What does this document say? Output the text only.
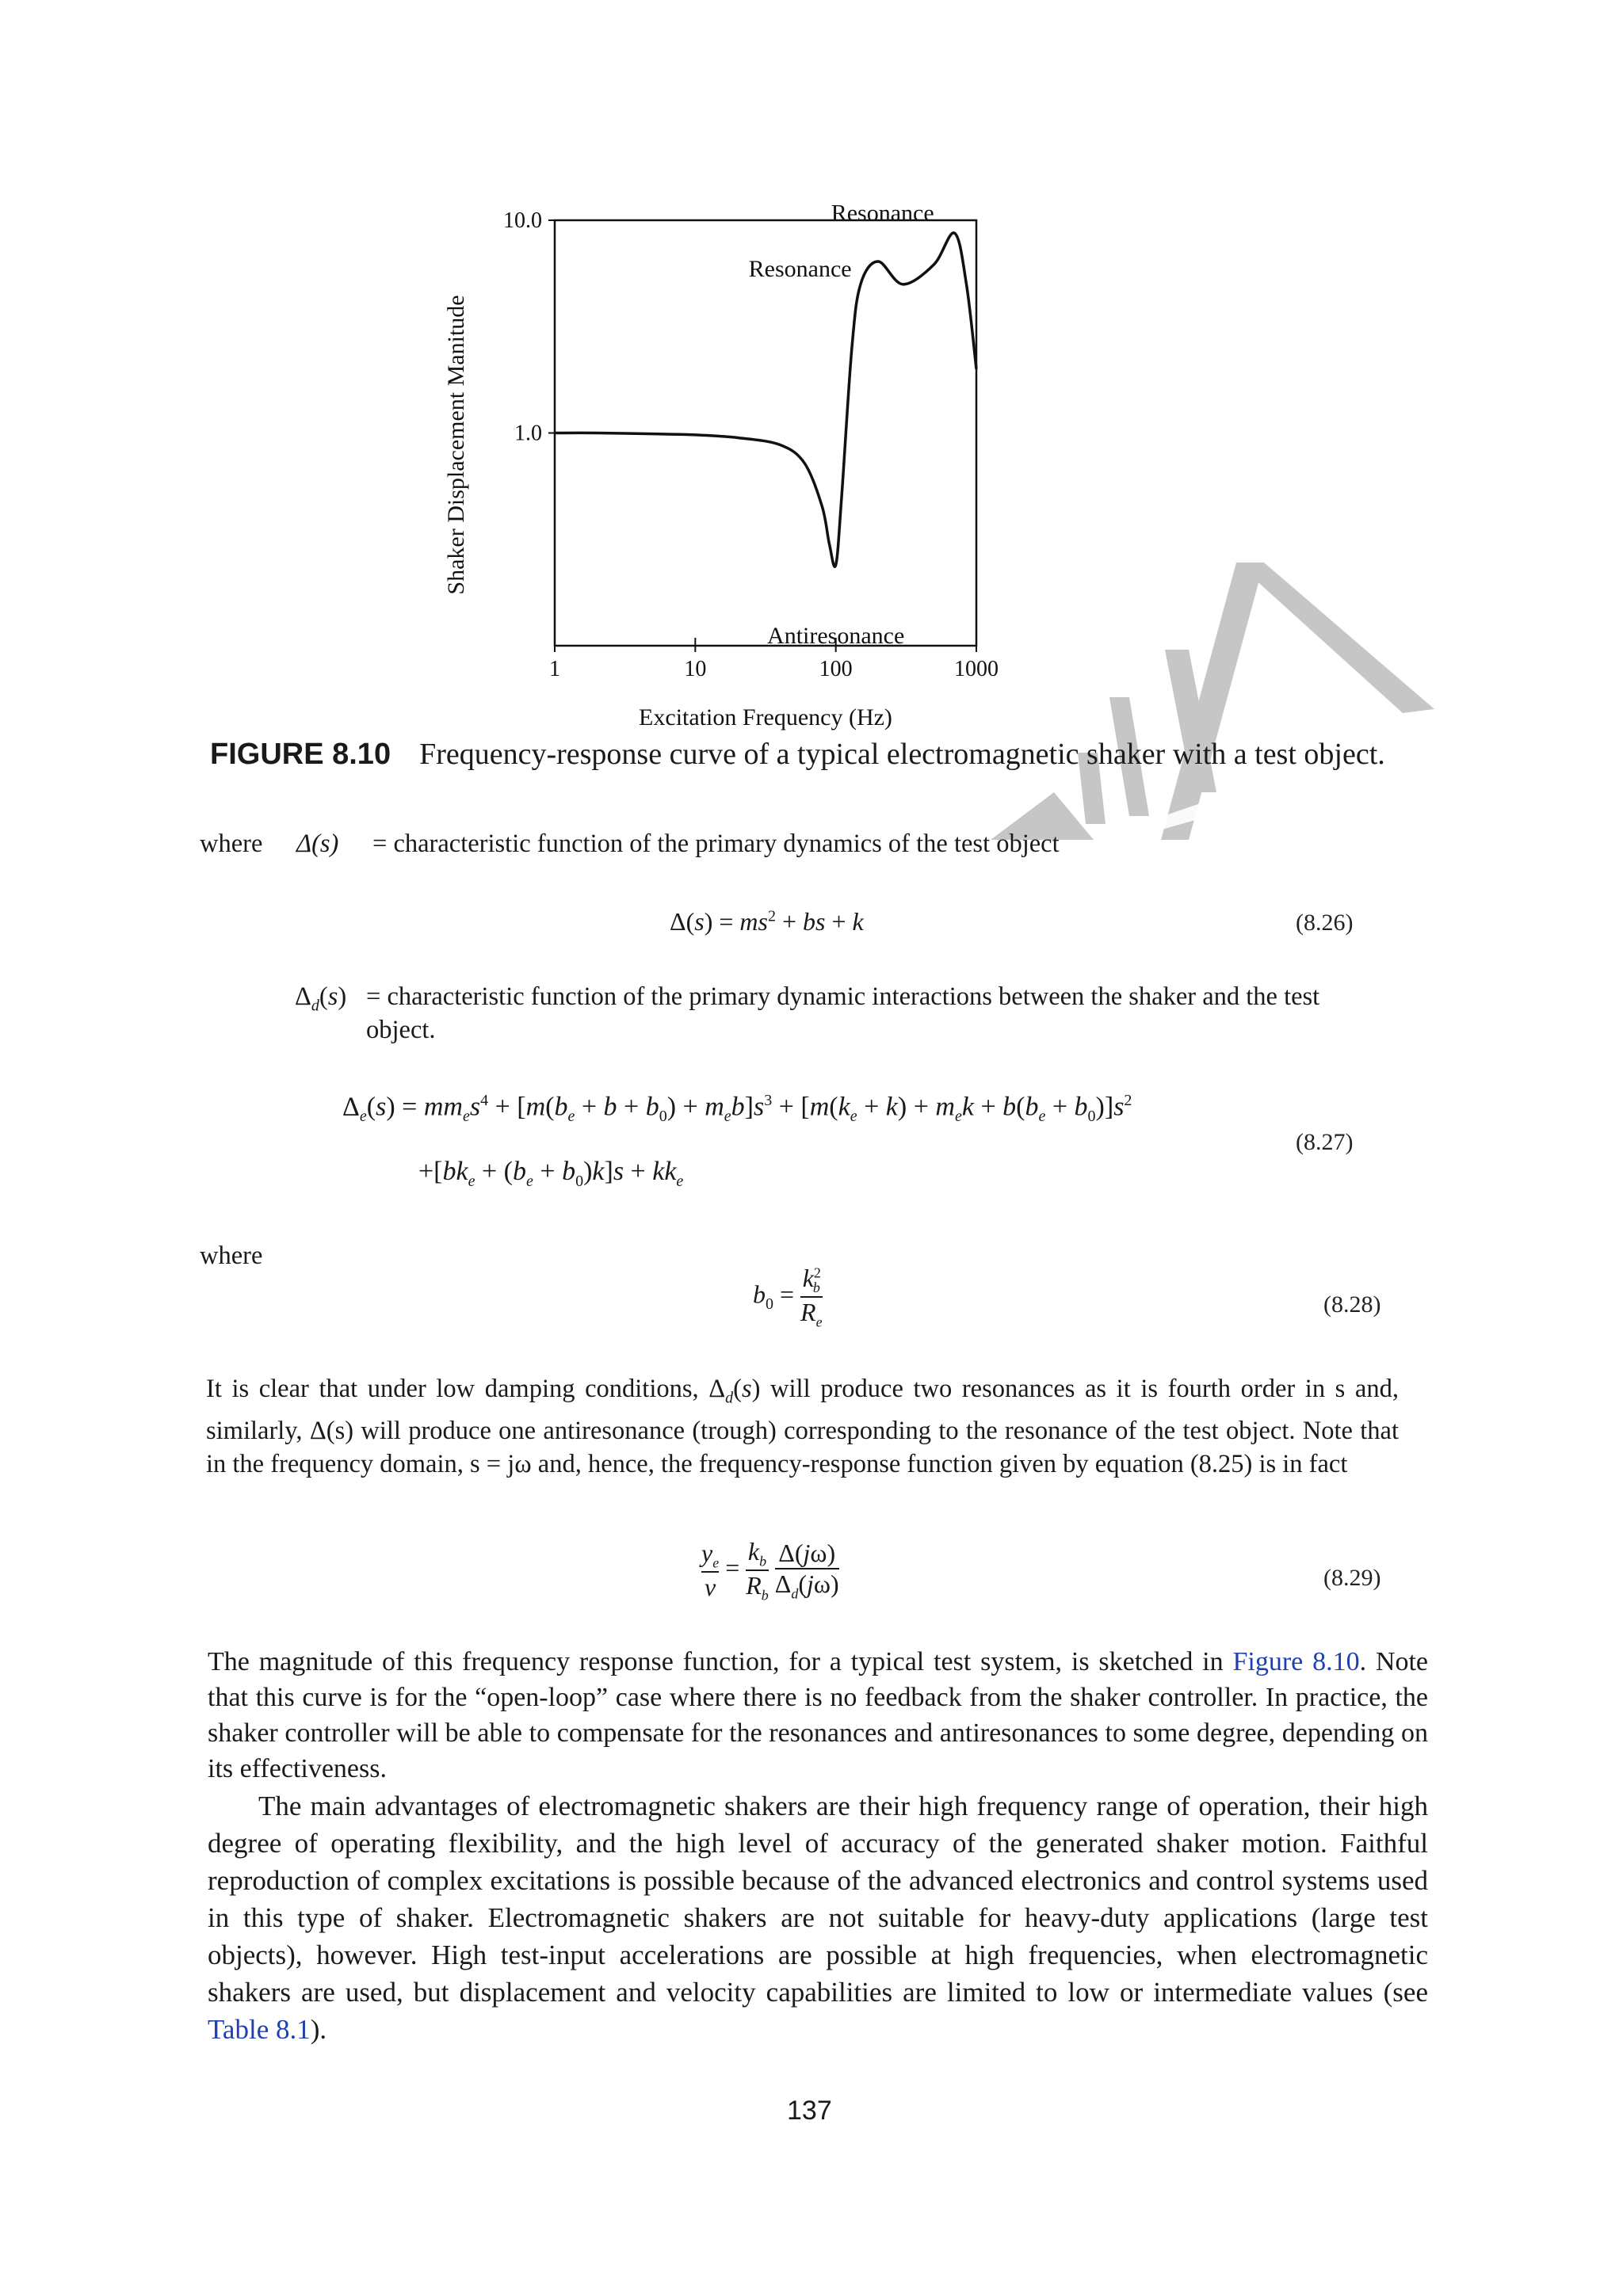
1	10	100	1000
10.0
1.0
Excitation Frequency (Hz)
Shaker Displacement Manitude
Resonance
Resonance
Antiresonance
FIGURE 8.10 Frequency-response curve of a typical electromagnetic shaker with a test object.
where Δ(s) = characteristic function of the primary dynamics of the test object
$\Delta(s) = ms^2$ + bs + k	(8.26)
$\Delta_d(s)$ = characteristic function of the primary dynamic interactions between the shaker and the test object.
$\Delta_e(s) = mm_es^4 + [m(b_e + b + b_0) + m_eb]s^3 + [m(k_e + k) + m_ek + b(b_e + b_0)]s^2$
$+[bk_e + (b_e + b_0)k]s + kk_e$
(8.27)
where
$b_0 = \frac{k^2_b}{R_e}$	(8.28)
It is clear that under low damping conditions, $\Delta_d(s)$ will produce two resonances as it is fourth order in s and, similarly, Δ(s) will produce one antiresonance (trough) corresponding to the resonance of the test object. Note that in the frequency domain, s = jω and, hence, the frequency-response function given by equation (8.25) is in fact
$\frac{y_e}{v} = \frac{k_b}{R_b}$
$\frac{\Delta(j\omega)}{\Delta_d(j\omega)}$	(8.29)
The magnitude of this frequency response function, for a typical test system, is sketched in Figure 8.10. Note that this curve is for the “open-loop” case where there is no feedback from the shaker controller. In practice, the shaker controller will be able to compensate for the resonances and antiresonances to some degree, depending on its effectiveness.
The main advantages of electromagnetic shakers are their high frequency range of operation, their high degree of operating flexibility, and the high level of accuracy of the generated shaker motion. Faithful reproduction of complex excitations is possible because of the advanced electronics and control systems used in this type of shaker. Electromagnetic shakers are not suitable for heavy-duty applications (large test objects), however. High test-input accelerations are possible at high frequencies, when electromagnetic shakers are used, but displacement and velocity capabilities are limited to low or intermediate values (see Table 8.1).
137
